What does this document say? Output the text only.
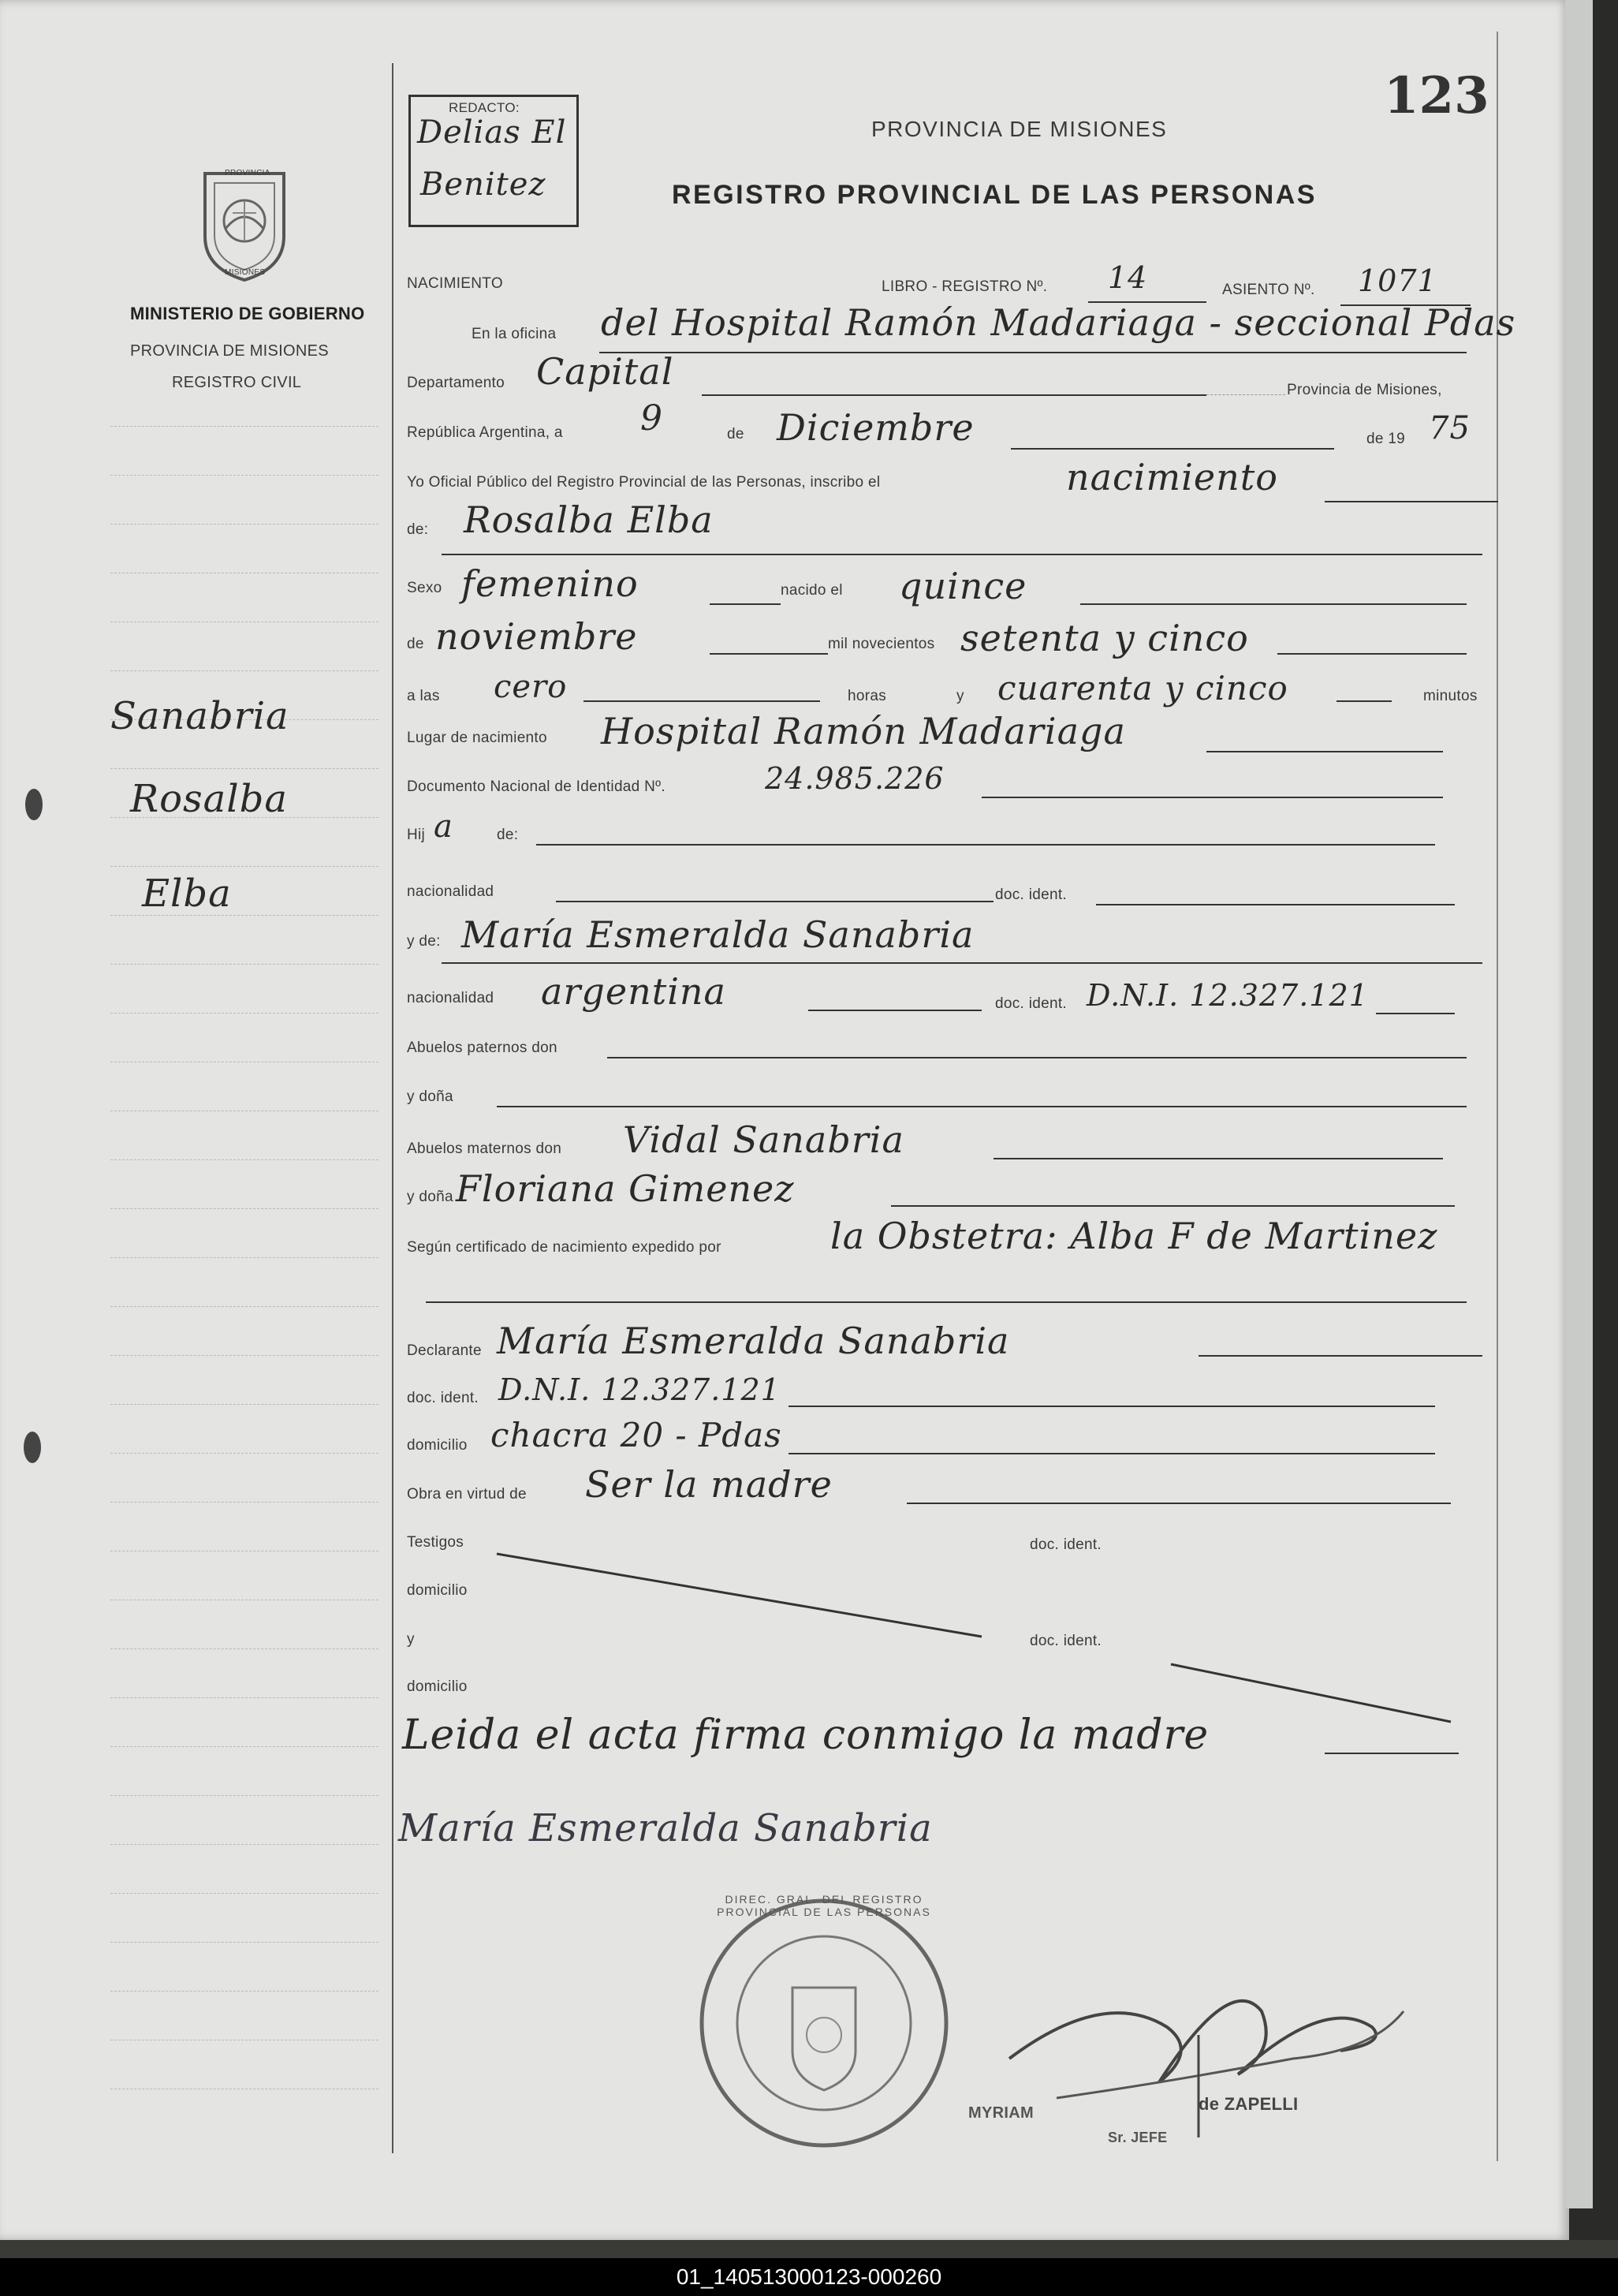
PROVINCIA
MISIONES
MINISTERIO DE GOBIERNO
PROVINCIA DE MISIONES
REGISTRO CIVIL
Sanabria
Rosalba
Elba
REDACTO:
Delias El
Benitez
123
PROVINCIA DE MISIONES
REGISTRO PROVINCIAL DE LAS PERSONAS
NACIMIENTO	LIBRO - REGISTRO Nº. 14	ASIENTO Nº. 1071
En la oficina del Hospital Ramón Madariaga - seccional Pdas
Departamento Capital	Provincia de Misiones,
República Argentina, a 9	de Diciembre	de 19 75
Yo Oficial Público del Registro Provincial de las Personas, inscribo el	nacimiento
de: Rosalba Elba
Sexo femenino	nacido el quince
de noviembre	mil novecientos setenta y cinco
a las cero	horas	y cuarenta y cinco	minutos
Lugar de nacimiento Hospital Ramón Madariaga
Documento Nacional de Identidad Nº.	24.985.226
Hij a	de:
nacionalidad	doc. ident.
y de: María Esmeralda Sanabria
nacionalidad argentina	doc. ident. D.N.I. 12.327.121
Abuelos paternos don
y doña
Abuelos maternos don Vidal Sanabria
y doña Floriana Gimenez
Según certificado de nacimiento expedido por	la Obstetra: Alba F de Martinez
Declarante María Esmeralda Sanabria
doc. ident. D.N.I. 12.327.121
domicilio chacra 20 - Pdas
Obra en virtud de Ser la madre
Testigos	doc. ident.
domicilio
y	doc. ident.
domicilio
Leida el acta firma conmigo la madre
María Esmeralda Sanabria
DIREC. GRAL. DEL REGISTRO PROVINCIAL DE LAS PERSONAS
MYRIAM	de ZAPELLI
Sr. JEFE
01_140513000123-000260
